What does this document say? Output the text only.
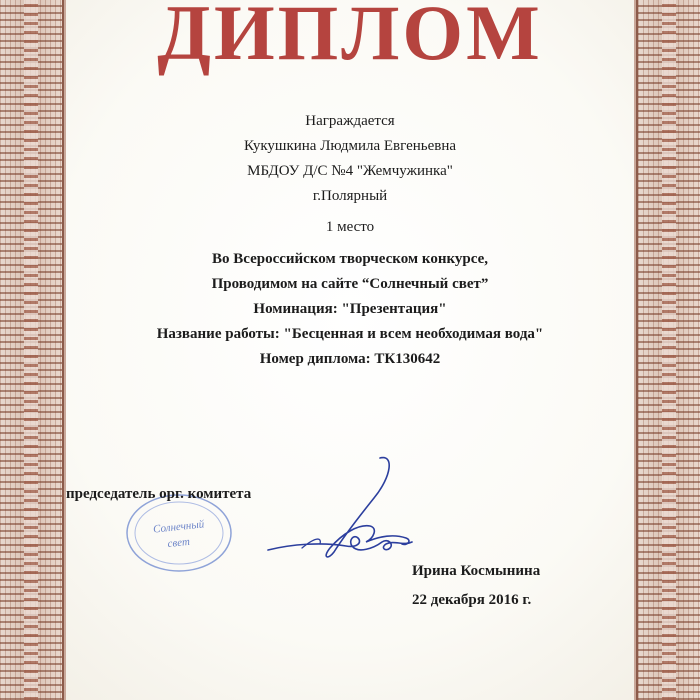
ДИПЛОМ
Награждается
Кукушкина Людмила Евгеньевна
МБДОУ Д/С №4 "Жемчужинка"
г.Полярный
1 место
Во Всероссийском творческом конкурсе,
Проводимом на сайте “Солнечный свет”
Номинация: "Презентация"
Название работы: "Бесценная и всем необходимая вода"
Номер диплома: ТК130642
Солнечный
свет
председатель орг. комитета
Ирина Космынина
22 декабря 2016 г.
